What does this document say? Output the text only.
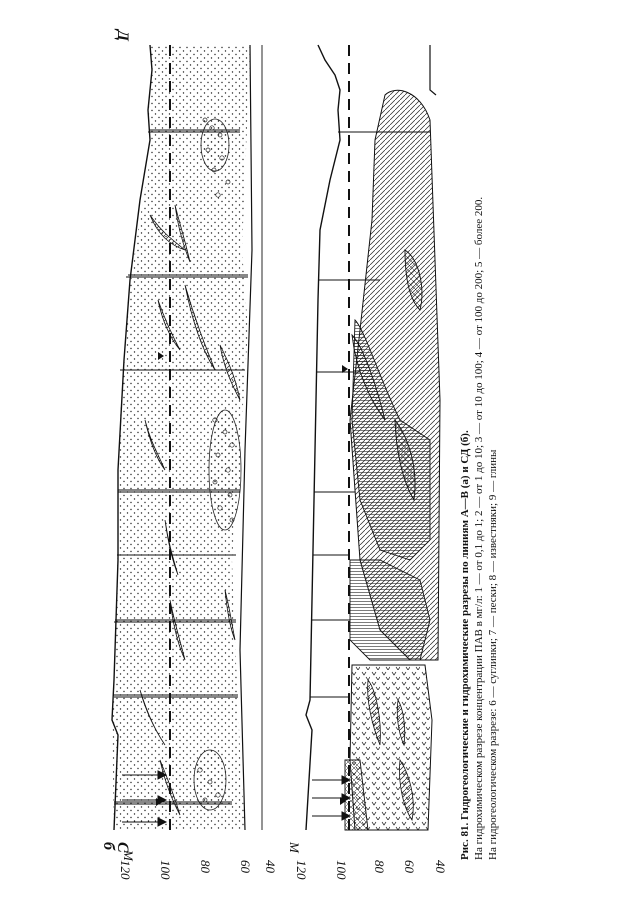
б
С
Д
М
120 100 80 60 40
М
120 100 80 60 40
Рис. 81. Гидрогеологические и гидрохимические разрезы по линиям А—В (а) и СД (б). На гидрохимическом разрезе концентрации ПАВ в мг/л: 1 — от 0,1 до 1; 2 — от 1 до 10; 3 — от 10 до 100; 4 — от 100 до 200; 5 — более 200. На гидрогеологическом разрезе: 6 — суглинки; 7 — пески; 8 — известняки; 9 — глины
